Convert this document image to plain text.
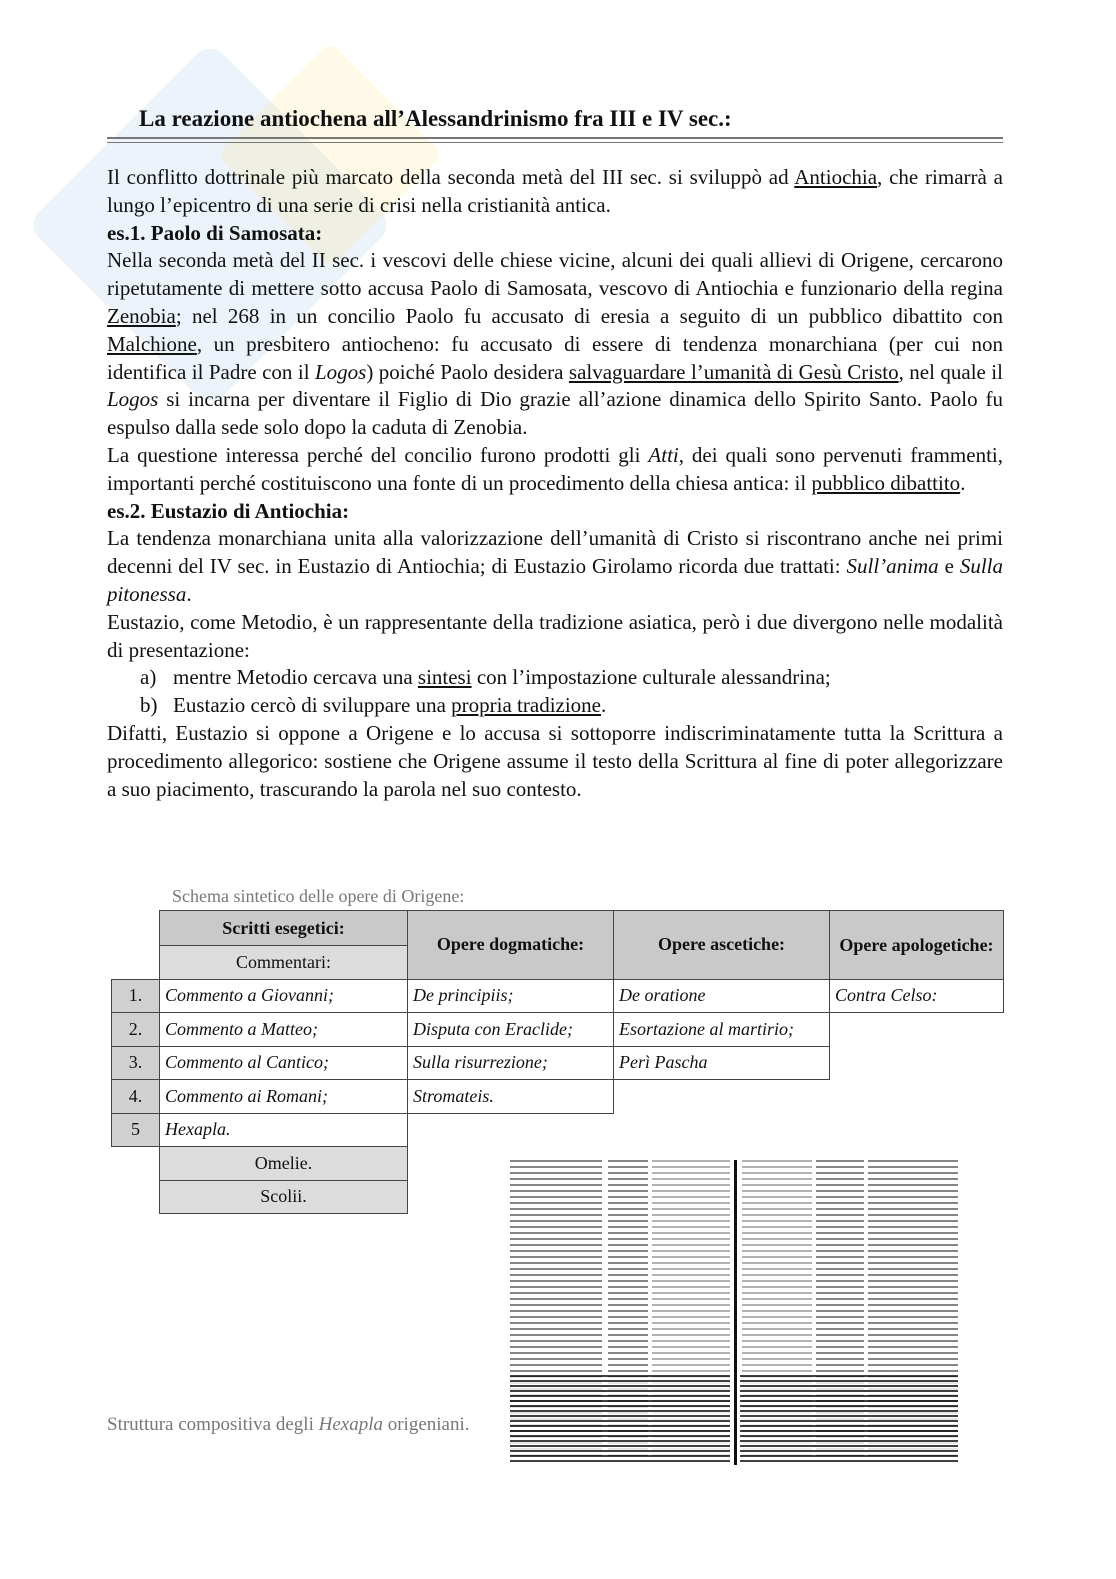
La reazione antiochena all’Alessandrinismo fra III e IV sec.:

Il conflitto dottrinale più marcato della seconda metà del III sec. si sviluppò ad Antiochia, che rimarrà a lungo l’epicentro di una serie di crisi nella cristianità antica.

es.1. Paolo di Samosata:

Nella seconda metà del II sec. i vescovi delle chiese vicine, alcuni dei quali allievi di Origene, cercarono ripetutamente di mettere sotto accusa Paolo di Samosata, vescovo di Antiochia e funzionario della regina Zenobia; nel 268 in un concilio Paolo fu accusato di eresia a seguito di un pubblico dibattito con Malchione, un presbitero antiocheno: fu accusato di essere di tendenza monarchiana (per cui non identifica il Padre con il Logos) poiché Paolo desidera salvaguardare l’umanità di Gesù Cristo, nel quale il Logos si incarna per diventare il Figlio di Dio grazie all’azione dinamica dello Spirito Santo. Paolo fu espulso dalla sede solo dopo la caduta di Zenobia.

La questione interessa perché del concilio furono prodotti gli Atti, dei quali sono pervenuti frammenti, importanti perché costituiscono una fonte di un procedimento della chiesa antica: il pubblico dibattito.

es.2. Eustazio di Antiochia:

La tendenza monarchiana unita alla valorizzazione dell’umanità di Cristo si riscontrano anche nei primi decenni del IV sec. in Eustazio di Antiochia; di Eustazio Girolamo ricorda due trattati: Sull’anima e Sulla pitonessa.

Eustazio, come Metodio, è un rappresentante della tradizione asiatica, però i due divergono nelle modalità di presentazione:

a) mentre Metodio cercava una sintesi con l’impostazione culturale alessandrina;
b) Eustazio cercò di sviluppare una propria tradizione.

Difatti, Eustazio si oppone a Origene e lo accusa si sottoporre indiscriminatamente tutta la Scrittura a procedimento allegorico: sostiene che Origene assume il testo della Scrittura al fine di poter allegorizzare a suo piacimento, trascurando la parola nel suo contesto.

Schema sintetico delle opere di Origene:
	Scritti esegetici:	Opere dogmatiche:	Opere ascetiche:	Opere apologetiche:
	Commentari:			
1.	Commento a Giovanni;	De principiis;	De oratione	Contra Celso:
2.	Commento a Matteo;	Disputa con Eraclide;	Esortazione al martirio;	
3.	Commento al Cantico;	Sulla risurrezione;	Perì Pascha	
4.	Commento ai Romani;	Stromateis.		
5	Hexapla.			
	Omelie.			
	Scolii.			
Struttura compositiva degli Hexapla origeniani.
